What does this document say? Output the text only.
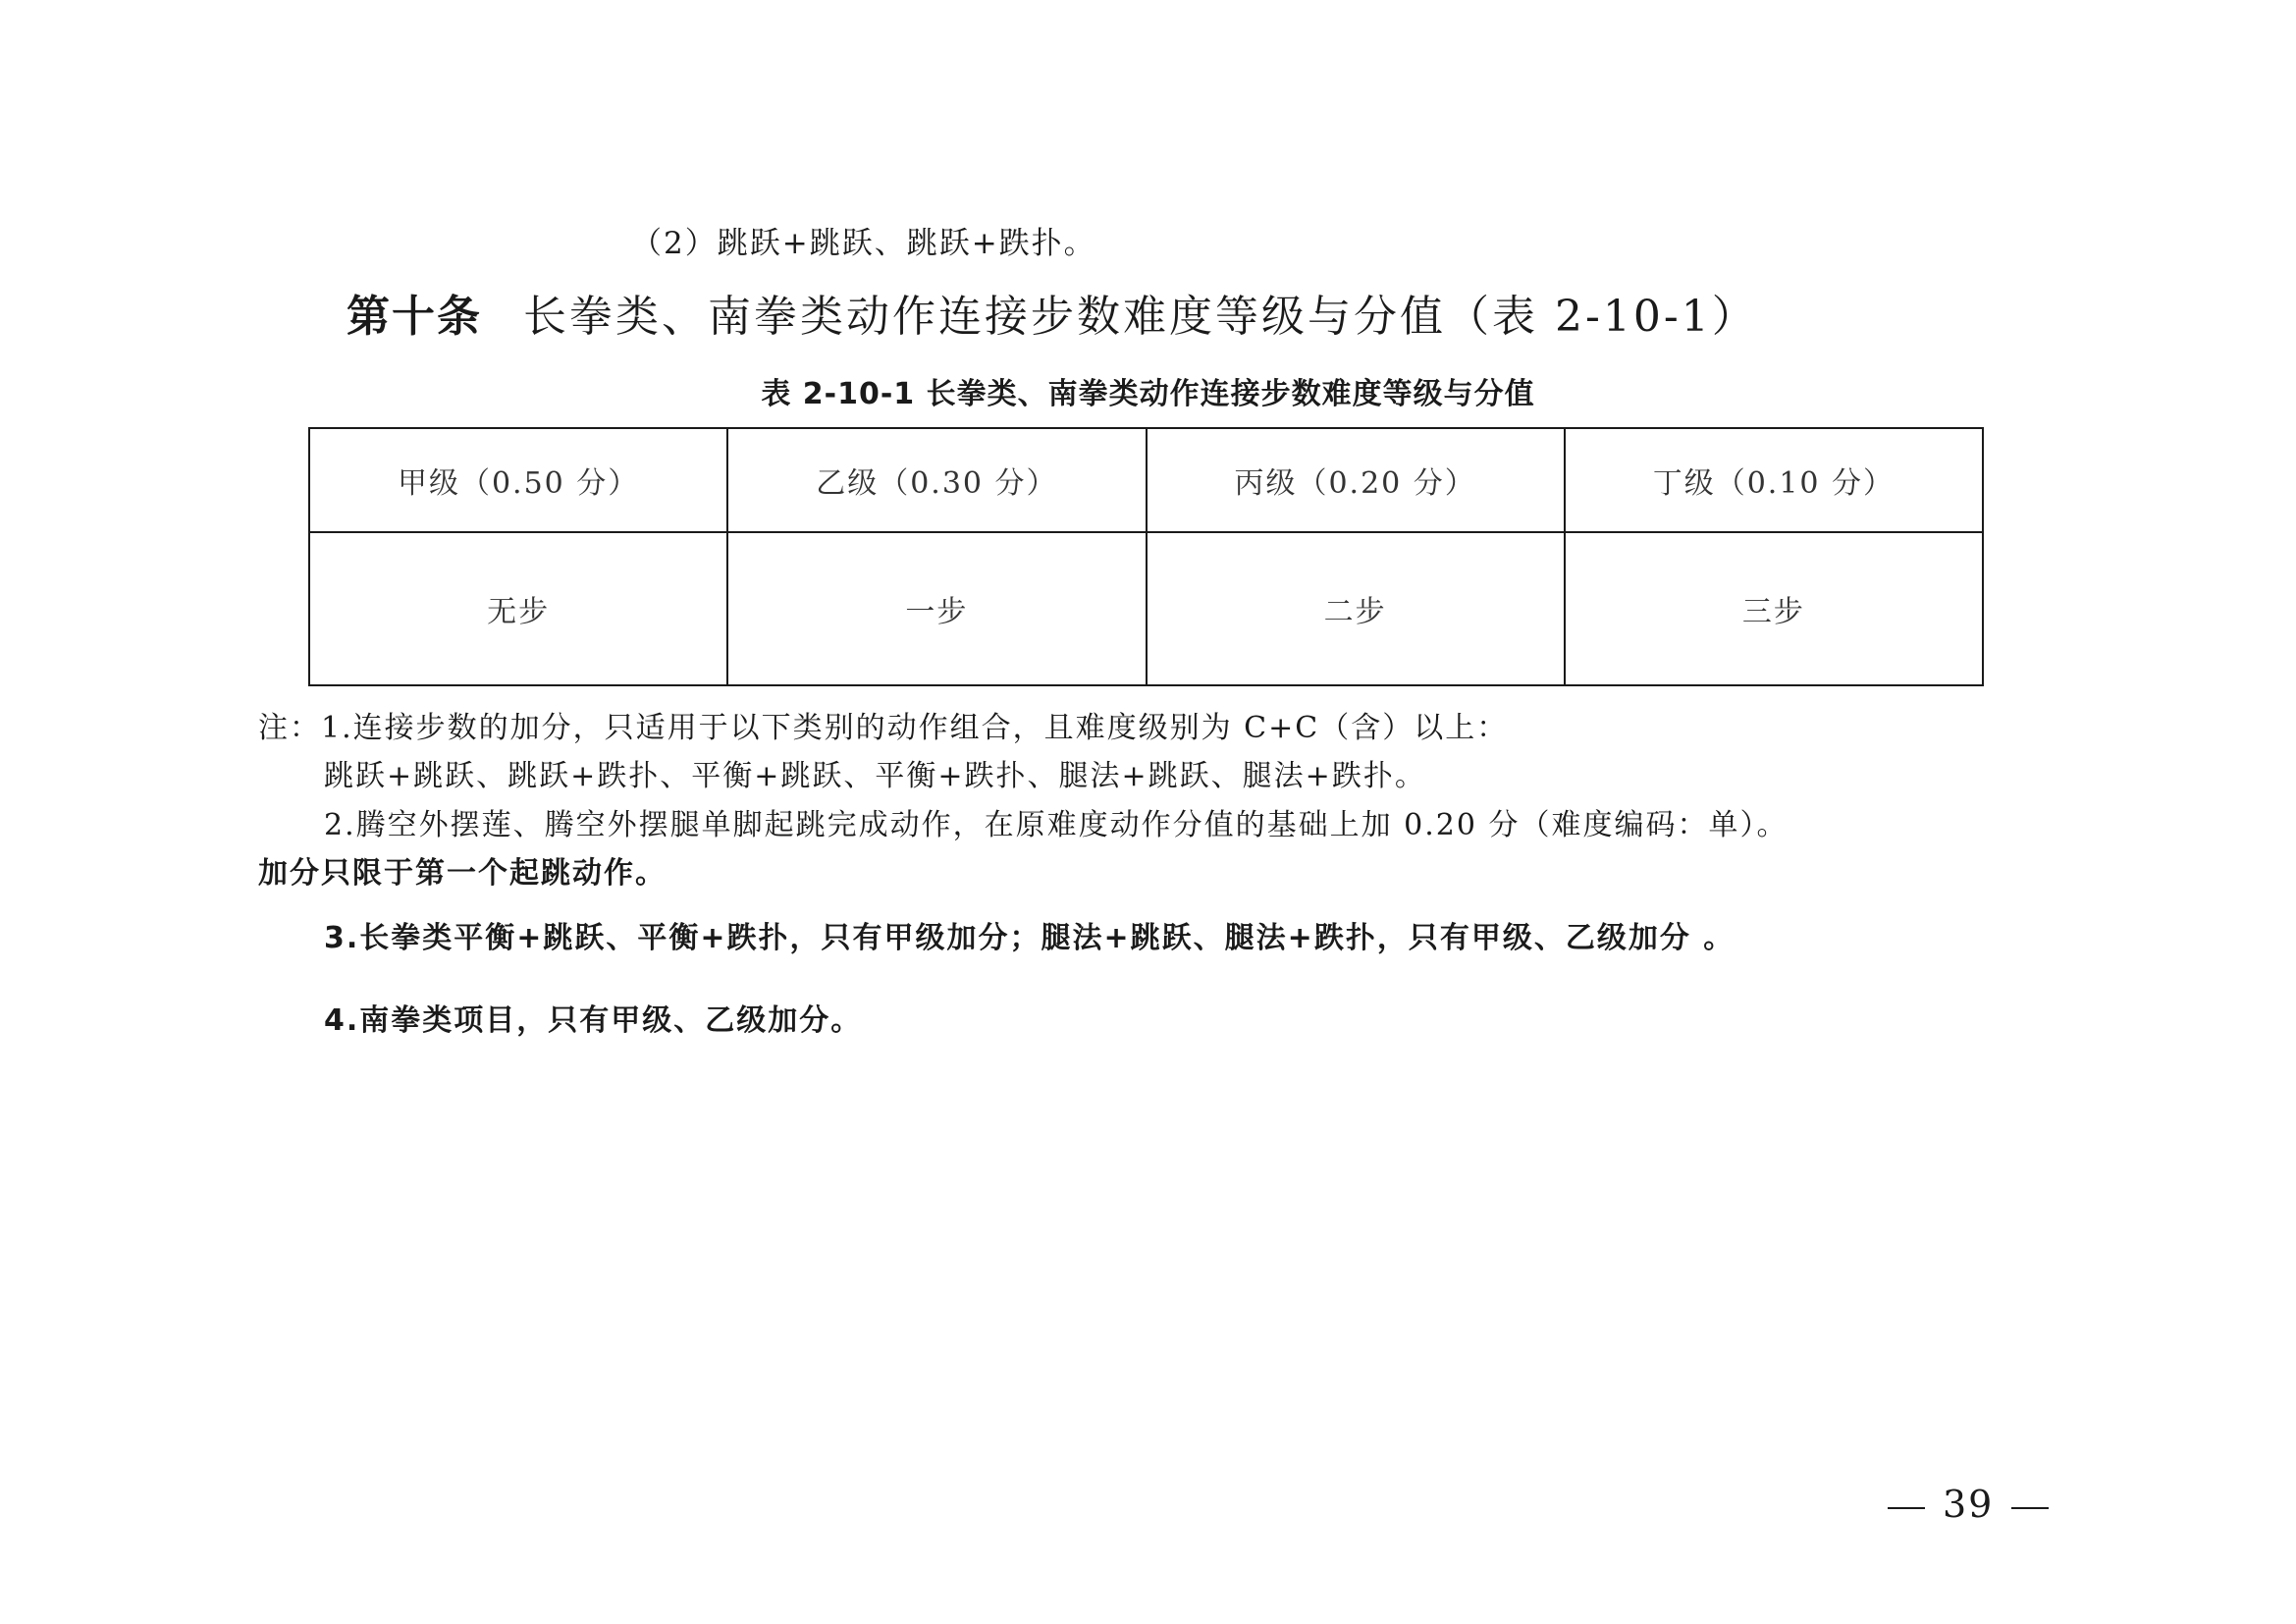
（2）跳跃+跳跃、跳跃+跌扑。
第十条 长拳类、南拳类动作连接步数难度等级与分值（表 2-10-1）
表 2-10-1 长拳类、南拳类动作连接步数难度等级与分值
甲级（0.50 分）	乙级（0.30 分）	丙级（0.20 分）	丁级（0.10 分）
无步	一步	二步	三步
注：1.连接步数的加分，只适用于以下类别的动作组合，且难度级别为 C+C（含）以上：
跳跃+跳跃、跳跃+跌扑、平衡+跳跃、平衡+跌扑、腿法+跳跃、腿法+跌扑。
2.腾空外摆莲、腾空外摆腿单脚起跳完成动作，在原难度动作分值的基础上加 0.20 分（难度编码：单）。
加分只限于第一个起跳动作。
3.长拳类平衡+跳跃、平衡+跌扑，只有甲级加分；腿法+跳跃、腿法+跌扑，只有甲级、乙级加分 。
4.南拳类项目，只有甲级、乙级加分。
39
